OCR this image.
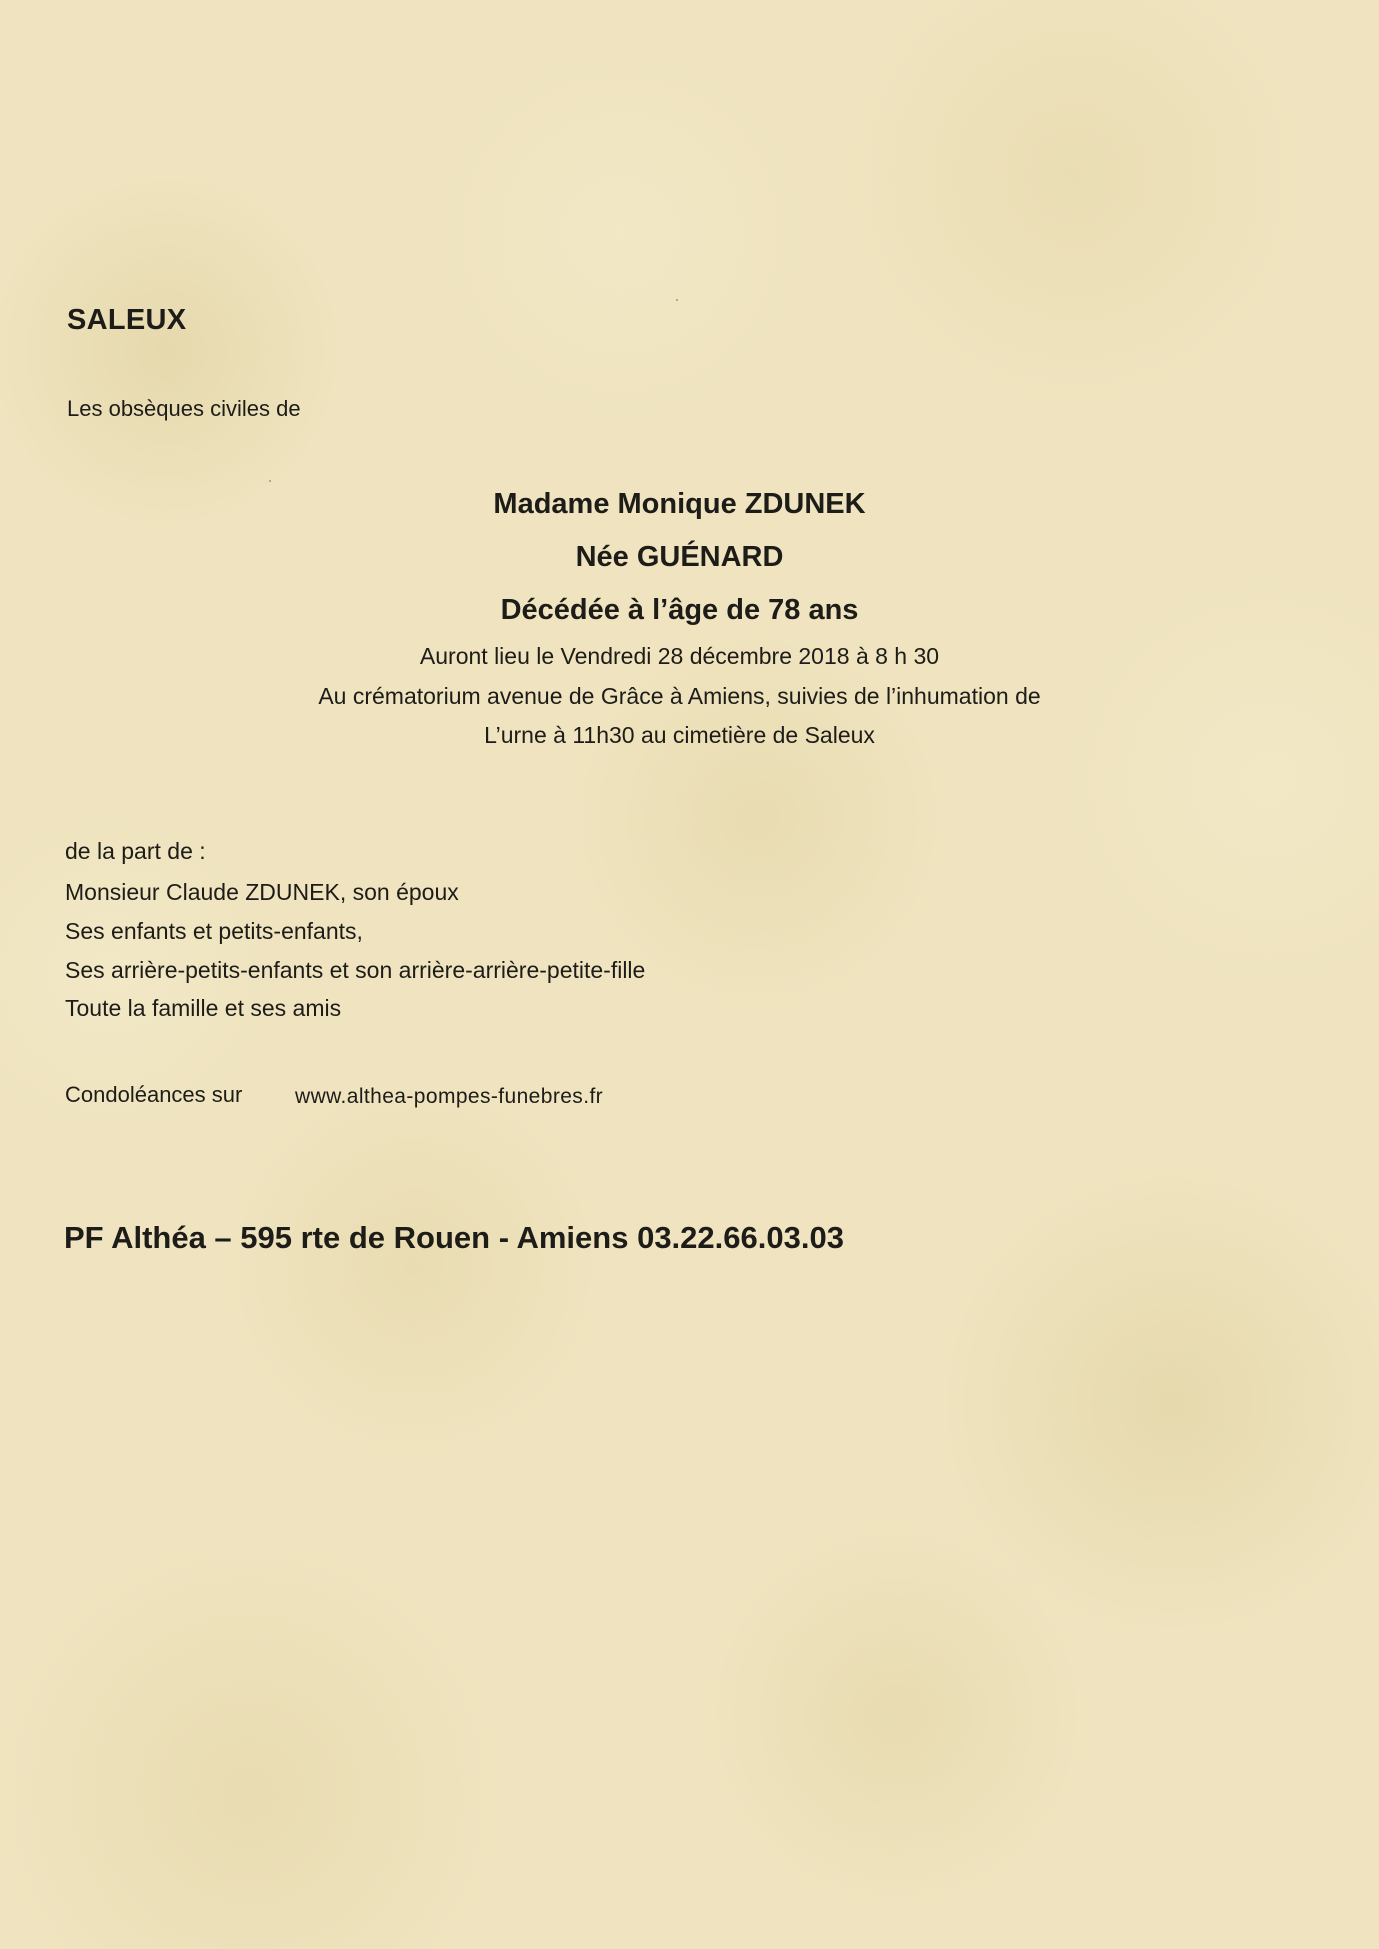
SALEUX
Les obsèques civiles de
Madame Monique ZDUNEK
Née GUÉNARD
Décédée à l’âge de 78 ans
Auront lieu le Vendredi 28 décembre 2018 à 8 h 30
Au crématorium avenue de Grâce à Amiens, suivies de l’inhumation de
L’urne à 11h30 au cimetière de Saleux
de la part de :
Monsieur Claude ZDUNEK, son époux
Ses enfants et petits-enfants,
Ses arrière-petits-enfants et son arrière-arrière-petite-fille
Toute la famille et ses amis
Condoléances sur	www.althea-pompes-funebres.fr
PF Althéa – 595 rte de Rouen - Amiens 03.22.66.03.03
